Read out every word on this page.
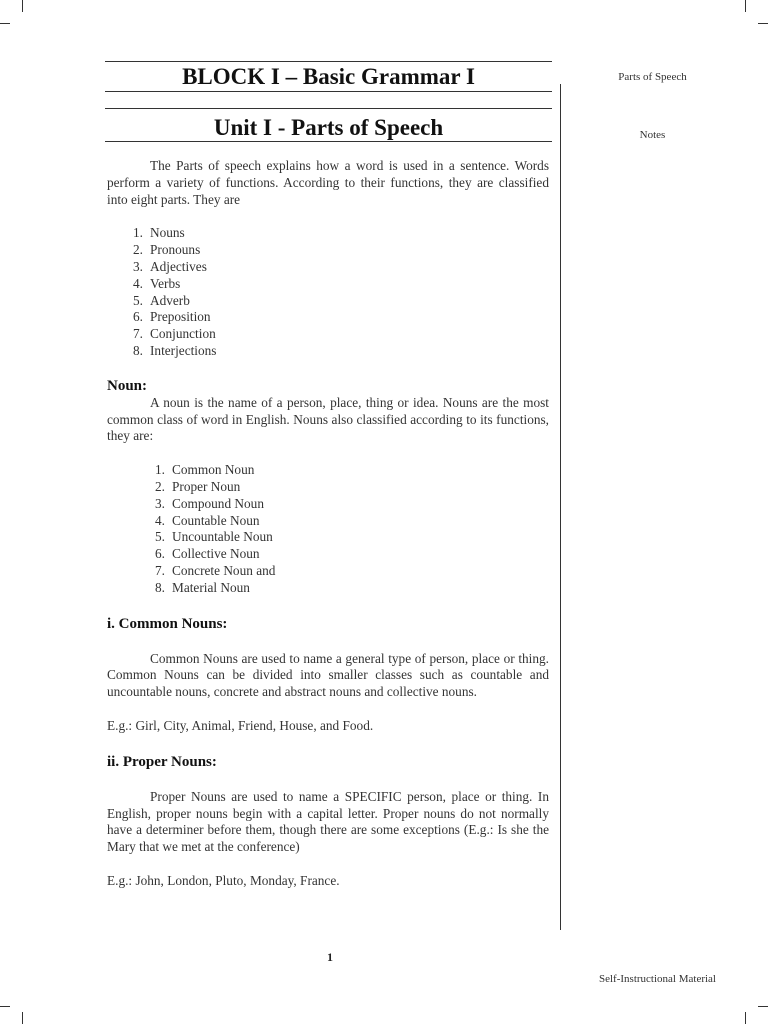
BLOCK I – Basic Grammar I
Unit I - Parts of Speech
Parts of Speech
Notes

The Parts of speech explains how a word is used in a sentence. Words perform a variety of functions. According to their functions, they are classified into eight parts. They are

1. Nouns
2. Pronouns
3. Adjectives
4. Verbs
5. Adverb
6. Preposition
7. Conjunction
8. Interjections
Noun:

A noun is the name of a person, place, thing or idea. Nouns are the most common class of word in English. Nouns also classified according to its functions, they are:

1. Common Noun
2. Proper Noun
3. Compound Noun
4. Countable Noun
5. Uncountable Noun
6. Collective Noun
7. Concrete Noun and
8. Material Noun
i. Common Nouns:

Common Nouns are used to name a general type of person, place or thing. Common Nouns can be divided into smaller classes such as countable and uncountable nouns, concrete and abstract nouns and collective nouns.

E.g.: Girl, City, Animal, Friend, House, and Food.

ii. Proper Nouns:

Proper Nouns are used to name a SPECIFIC person, place or thing. In English, proper nouns begin with a capital letter. Proper nouns do not normally have a determiner before them, though there are some exceptions (E.g.: Is she the Mary that we met at the conference)

E.g.: John, London, Pluto, Monday, France.

1
Self-Instructional Material
